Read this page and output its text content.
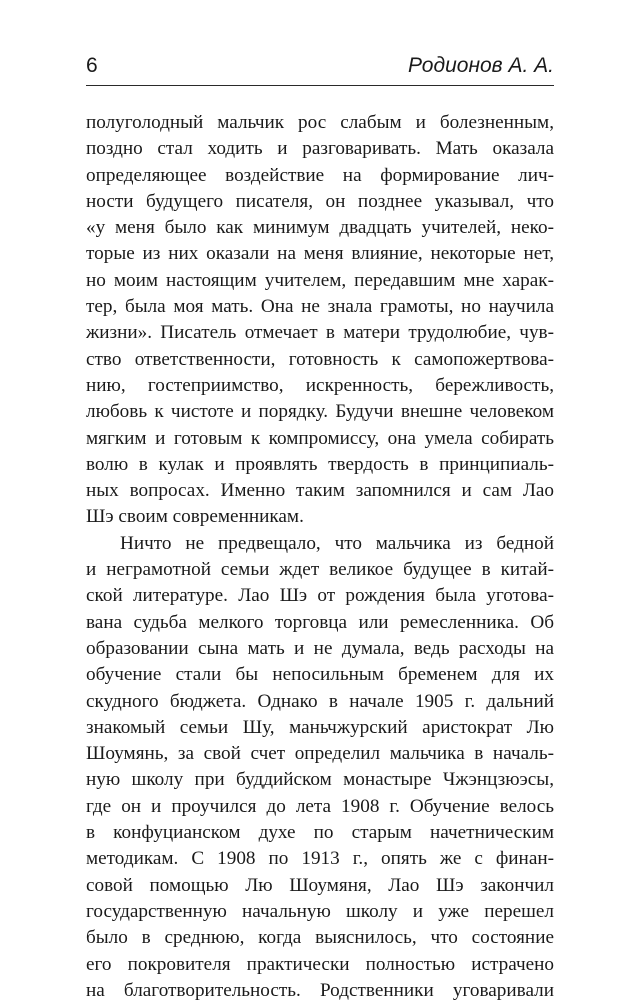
6	Родионов А. А.
полуголодный мальчик рос слабым и болезненным,
поздно стал ходить и разговаривать. Мать оказала
определяющее воздействие на формирование лич-
ности будущего писателя, он позднее указывал, что
«у меня было как минимум двадцать учителей, неко-
торые из них оказали на меня влияние, некоторые нет,
но моим настоящим учителем, передавшим мне харак-
тер, была моя мать. Она не знала грамоты, но научила
жизни». Писатель отмечает в матери трудолюбие, чув-
ство ответственности, готовность к самопожертвова-
нию, гостеприимство, искренность, бережливость,
любовь к чистоте и порядку. Будучи внешне человеком
мягким и готовым к компромиссу, она умела собирать
волю в кулак и проявлять твердость в принципиаль-
ных вопросах. Именно таким запомнился и сам Лао
Шэ своим современникам.
Ничто не предвещало, что мальчика из бедной
и неграмотной семьи ждет великое будущее в китай-
ской литературе. Лао Шэ от рождения была уготова-
вана судьба мелкого торговца или ремесленника. Об
образовании сына мать и не думала, ведь расходы на
обучение стали бы непосильным бременем для их
скудного бюджета. Однако в начале 1905 г. дальний
знакомый семьи Шу, маньчжурский аристократ Лю
Шоумянь, за свой счет определил мальчика в началь-
ную школу при буддийском монастыре Чжэнцзюэсы,
где он и проучился до лета 1908 г. Обучение велось
в конфуцианском духе по старым начетническим
методикам. С 1908 по 1913 г., опять же с финан-
совой помощью Лю Шоумяня, Лао Шэ закончил
государственную начальную школу и уже перешел
было в среднюю, когда выяснилось, что состояние
его покровителя практически полностью истрачено
на благотворительность. Родственники уговаривали
